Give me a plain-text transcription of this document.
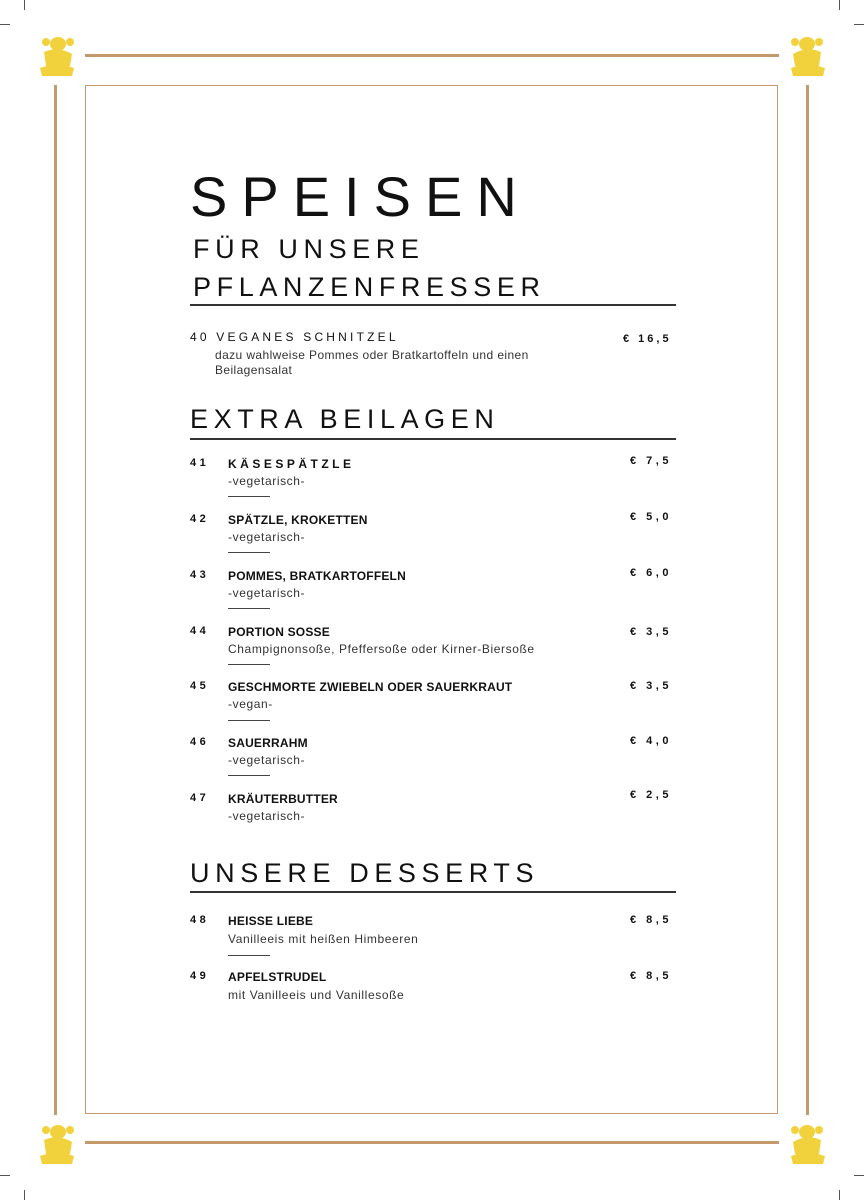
SPEISEN
FÜR UNSERE
PFLANZENFRESSER
40 VEGANES SCHNITZEL
dazu wahlweise Pommes oder Bratkartoffeln und einen Beilagensalat
€ 16,5
EXTRA BEILAGEN
41 KÄSESPÄTZLE
-vegetarisch-
€ 7,5
42 SPÄTZLE, KROKETTEN
-vegetarisch-
€ 5,0
43 POMMES, BRATKARTOFFELN
-vegetarisch-
€ 6,0
44 PORTION SOSSE
Champignonsoße, Pfeffersoße oder Kirner-Biersoße
€ 3,5
45 GESCHMORTE ZWIEBELN ODER SAUERKRAUT
-vegan-
€ 3,5
46 SAUERRAHM
-vegetarisch-
€ 4,0
47 KRÄUTERBUTTER
-vegetarisch-
€ 2,5
UNSERE DESSERTS
48 HEISSE LIEBE
Vanilleeis mit heißen Himbeeren
€ 8,5
49 APFELSTRUDEL
mit Vanilleeis und Vanillesoße
€ 8,5
